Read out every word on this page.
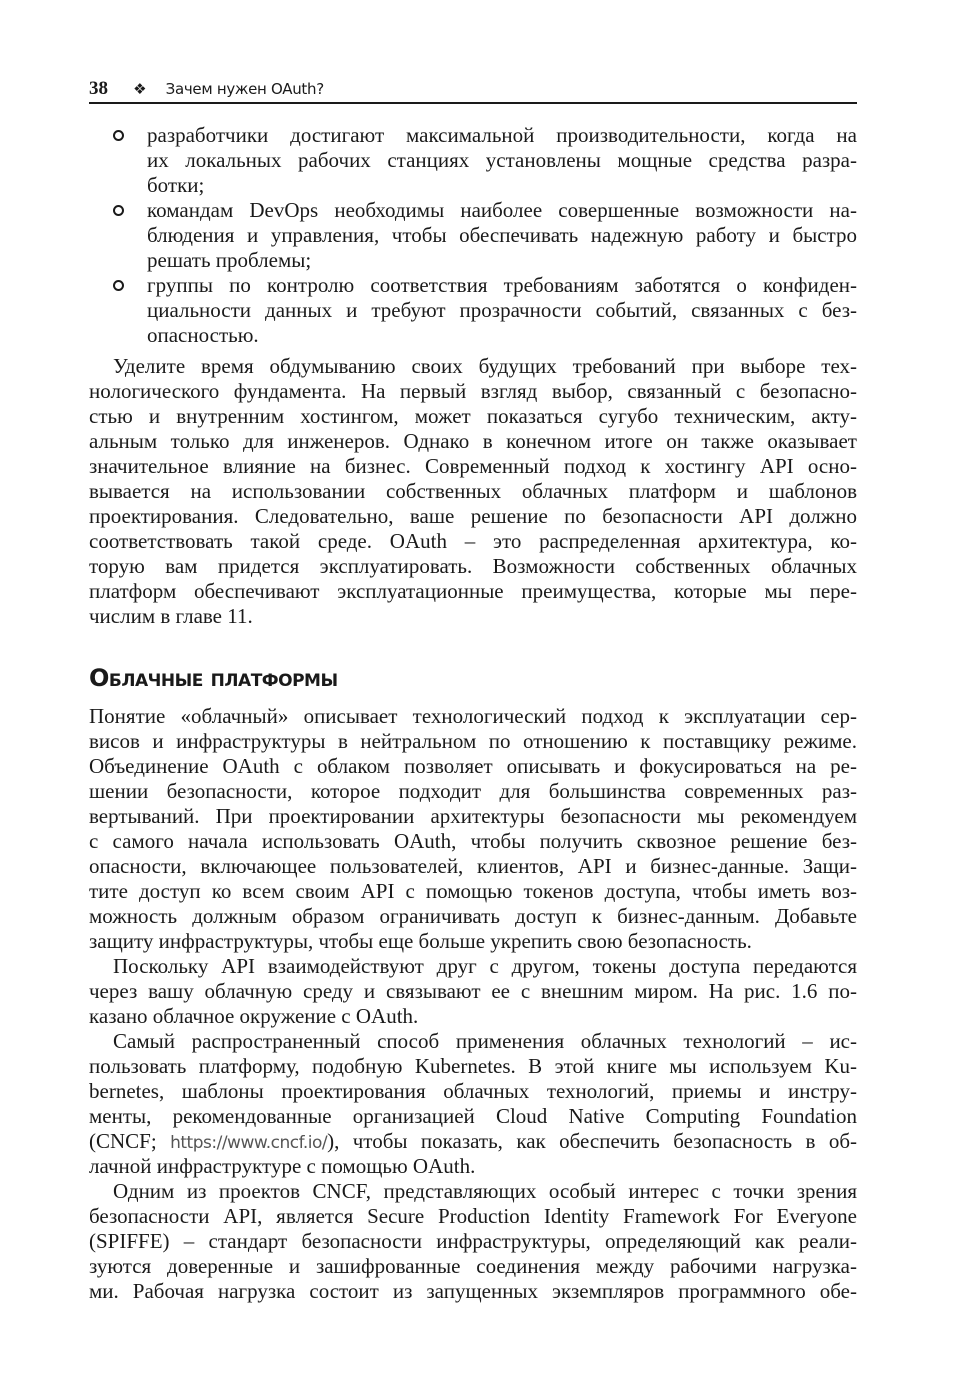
38 ❖ Зачем нужен OAuth?
разработчики достигают максимальной производительности, когда на
их локальных рабочих станциях установлены мощные средства разра-
ботки;
командам DevOps необходимы наиболее совершенные возможности на-
блюдения и управления, чтобы обеспечивать надежную работу и быстро
решать проблемы;
группы по контролю соответствия требованиям заботятся о конфиден-
циальности данных и требуют прозрачности событий, связанных с без-
опасностью.
Уделите время обдумыванию своих будущих требований при выборе тех-
нологического фундамента. На первый взгляд выбор, связанный с безопасно-
стью и внутренним хостингом, может показаться сугубо техническим, акту-
альным только для инженеров. Однако в конечном итоге он также оказывает
значительное влияние на бизнес. Современный подход к хостингу API осно-
вывается на использовании собственных облачных платформ и шаблонов
проектирования. Следовательно, ваше решение по безопасности API должно
соответствовать такой среде. OAuth – это распределенная архитектура, ко-
торую вам придется эксплуатировать. Возможности собственных облачных
платформ обеспечивают эксплуатационные преимущества, которые мы пере-
числим в главе 11.
Облачные платформы
Понятие «облачный» описывает технологический подход к эксплуатации сер-
висов и инфраструктуры в нейтральном по отношению к поставщику режиме.
Объединение OAuth с облаком позволяет описывать и фокусироваться на ре-
шении безопасности, которое подходит для большинства современных раз-
вертываний. При проектировании архитектуры безопасности мы рекомендуем
с самого начала использовать OAuth, чтобы получить сквозное решение без-
опасности, включающее пользователей, клиентов, API и бизнес-данные. Защи-
тите доступ ко всем своим API с помощью токенов доступа, чтобы иметь воз-
можность должным образом ограничивать доступ к бизнес-данным. Добавьте
защиту инфраструктуры, чтобы еще больше укрепить свою безопасность.
Поскольку API взаимодействуют друг с другом, токены доступа передаются
через вашу облачную среду и связывают ее с внешним миром. На рис. 1.6 по-
казано облачное окружение с OAuth.
Самый распространенный способ применения облачных технологий – ис-
пользовать платформу, подобную Kubernetes. В этой книге мы используем Ku-
bernetes, шаблоны проектирования облачных технологий, приемы и инстру-
менты, рекомендованные организацией Cloud Native Computing Foundation
(CNCF; https://www.cncf.io/), чтобы показать, как обеспечить безопасность в об-
лачной инфраструктуре с помощью OAuth.
Одним из проектов CNCF, представляющих особый интерес с точки зрения
безопасности API, является Secure Production Identity Framework For Everyone
(SPIFFE) – стандарт безопасности инфраструктуры, определяющий как реали-
зуются доверенные и зашифрованные соединения между рабочими нагрузка-
ми. Рабочая нагрузка состоит из запущенных экземпляров программного обе-
